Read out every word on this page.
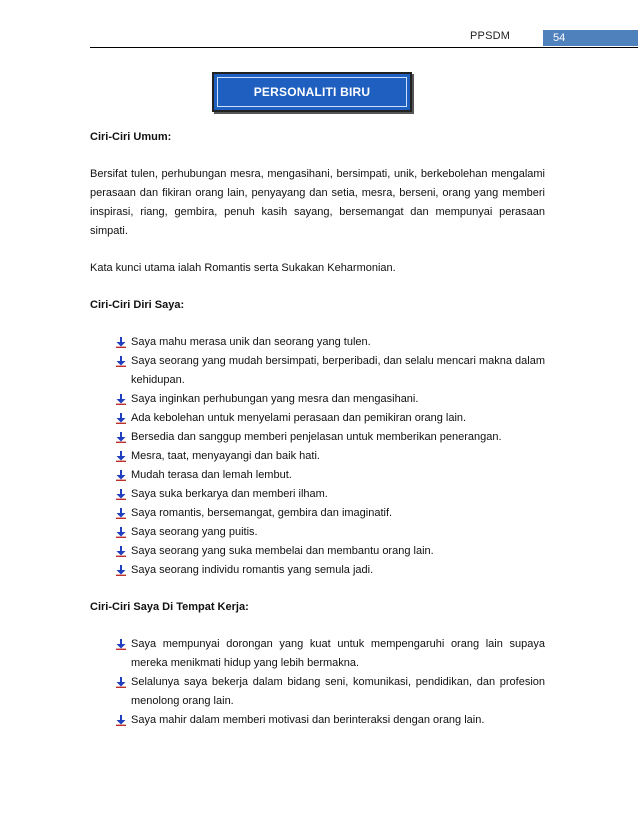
PPSDM	54
PERSONALITI BIRU

Ciri-Ciri Umum:

Bersifat tulen, perhubungan mesra, mengasihani, bersimpati, unik, berkebolehan mengalami perasaan dan fikiran orang lain, penyayang dan setia, mesra, berseni, orang yang memberi inspirasi, riang, gembira, penuh kasih sayang, bersemangat dan mempunyai perasaan simpati.

Kata kunci utama ialah Romantis serta Sukakan Keharmonian.

Ciri-Ciri Diri Saya:

Saya mahu merasa unik dan seorang yang tulen.
Saya seorang yang mudah bersimpati, berperibadi, dan selalu mencari makna dalam kehidupan.
Saya inginkan perhubungan yang mesra dan mengasihani.
Ada kebolehan untuk menyelami perasaan dan pemikiran orang lain.
Bersedia dan sanggup memberi penjelasan untuk memberikan penerangan.
Mesra, taat, menyayangi dan baik hati.
Mudah terasa dan lemah lembut.
Saya suka berkarya dan memberi ilham.
Saya romantis, bersemangat, gembira dan imaginatif.
Saya seorang yang puitis.
Saya seorang yang suka membelai dan membantu orang lain.
Saya seorang individu romantis yang semula jadi.

Ciri-Ciri Saya Di Tempat Kerja:

Saya mempunyai dorongan yang kuat untuk mempengaruhi orang lain supaya mereka menikmati hidup yang lebih bermakna.
Selalunya saya bekerja dalam bidang seni, komunikasi, pendidikan, dan profesion menolong orang lain.
Saya mahir dalam memberi motivasi dan berinteraksi dengan orang lain.
